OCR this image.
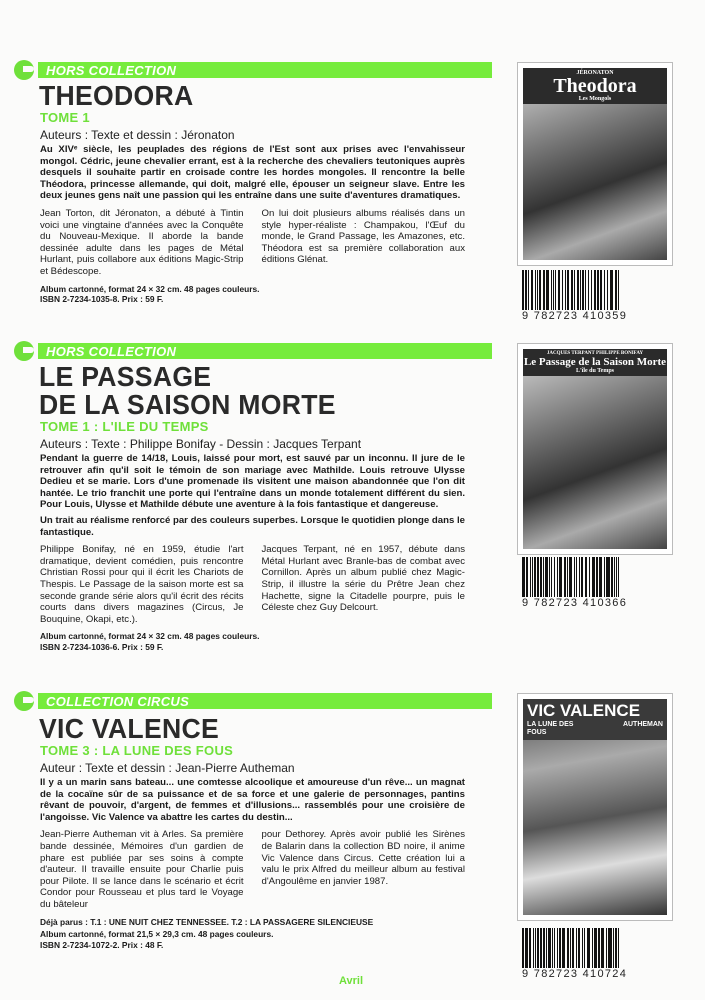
HORS COLLECTION
THEODORA
TOME 1
Auteurs : Texte et dessin : Jéronaton
Au XIVᵉ siècle, les peuplades des régions de l'Est sont aux prises avec l'envahisseur mongol. Cédric, jeune chevalier errant, est à la recherche des chevaliers teutoniques auprès desquels il souhaite partir en croisade contre les hordes mongoles. Il rencontre la belle Théodora, princesse allemande, qui doit, malgré elle, épouser un seigneur slave. Entre les deux jeunes gens naît une passion qui les entraîne dans une suite d'aventures dramatiques.
Jean Torton, dit Jéronaton, a débuté à Tintin voici une vingtaine d'années avec la Conquête du Nouveau-Mexique. Il aborde la bande dessinée adulte dans les pages de Métal Hurlant, puis collabore aux éditions Magic-Strip et Bédescope.
On lui doit plusieurs albums réalisés dans un style hyper-réaliste : Champakou, l'Œuf du monde, le Grand Passage, les Amazones, etc. Théodora est sa première collaboration aux éditions Glénat.
Album cartonné, format 24 × 32 cm. 48 pages couleurs.
ISBN 2-7234-1035-8. Prix : 59 F.
JÉRONATON
Theodora
Les Mongols
9 782723 410359
HORS COLLECTION
LE PASSAGE
DE LA SAISON MORTE
TOME 1 : L'ILE DU TEMPS
Auteurs : Texte : Philippe Bonifay - Dessin : Jacques Terpant
Pendant la guerre de 14/18, Louis, laissé pour mort, est sauvé par un inconnu. Il jure de le retrouver afin qu'il soit le témoin de son mariage avec Mathilde. Louis retrouve Ulysse Dedieu et se marie. Lors d'une promenade ils visitent une maison abandonnée que l'on dit hantée. Le trio franchit une porte qui l'entraîne dans un monde totalement différent du sien. Pour Louis, Ulysse et Mathilde débute une aventure à la fois fantastique et dangereuse.
Un trait au réalisme renforcé par des couleurs superbes. Lorsque le quotidien plonge dans le fantastique.
Philippe Bonifay, né en 1959, étudie l'art dramatique, devient comédien, puis rencontre Christian Rossi pour qui il écrit les Chariots de Thespis. Le Passage de la saison morte est sa seconde grande série alors qu'il écrit des récits courts dans divers magazines (Circus, Je Bouquine, Okapi, etc.).
Jacques Terpant, né en 1957, débute dans Métal Hurlant avec Branle-bas de combat avec Cornillon. Après un album publié chez Magic-Strip, il illustre la série du Prêtre Jean chez Hachette, signe la Citadelle pourpre, puis le Céleste chez Guy Delcourt.
Album cartonné, format 24 × 32 cm. 48 pages couleurs.
ISBN 2-7234-1036-6. Prix : 59 F.
JACQUES TERPANT PHILIPPE BONIFAY
Le Passage de la Saison Morte
L'île du Temps
9 782723 410366
COLLECTION CIRCUS
VIC VALENCE
TOME 3 : LA LUNE DES FOUS
Auteur : Texte et dessin : Jean-Pierre Autheman
Il y a un marin sans bateau... une comtesse alcoolique et amoureuse d'un rêve... un magnat de la cocaïne sûr de sa puissance et de sa force et une galerie de personnages, pantins rêvant de pouvoir, d'argent, de femmes et d'illusions... rassemblés pour une croisière de l'angoisse. Vic Valence va abattre les cartes du destin...
Jean-Pierre Autheman vit à Arles. Sa première bande dessinée, Mémoires d'un gardien de phare est publiée par ses soins à compte d'auteur. Il travaille ensuite pour Charlie puis pour Pilote. Il se lance dans le scénario et écrit Condor pour Rousseau et plus tard le Voyage du bâteleur
pour Dethorey. Après avoir publié les Sirènes de Balarin dans la collection BD noire, il anime Vic Valence dans Circus. Cette création lui a valu le prix Alfred du meilleur album au festival d'Angoulême en janvier 1987.
Déjà parus : T.1 : UNE NUIT CHEZ TENNESSEE. T.2 : LA PASSAGERE SILENCIEUSE
Album cartonné, format 21,5 × 29,3 cm. 48 pages couleurs.
ISBN 2-7234-1072-2. Prix : 48 F.
VIC VALENCE
LA LUNE DES FOUS
AUTHEMAN
9 782723 410724
Avril
